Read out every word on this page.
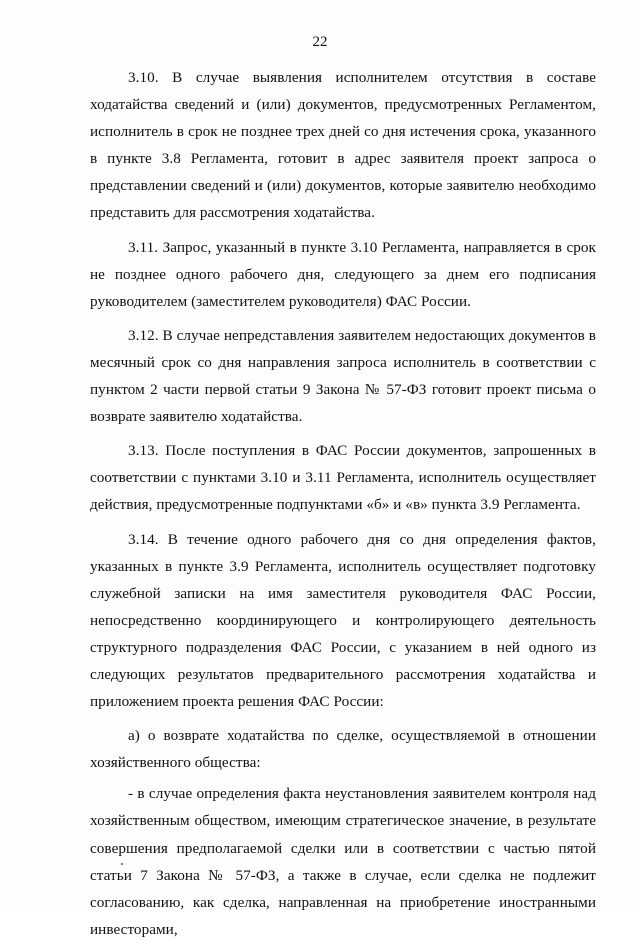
22

3.10. В случае выявления исполнителем отсутствия в составе ходатайства сведений и (или) документов, предусмотренных Регламентом, исполнитель в срок не позднее трех дней со дня истечения срока, указанного в пункте 3.8 Регламента, готовит в адрес заявителя проект запроса о представлении сведений и (или) документов, которые заявителю необходимо представить для рассмотрения ходатайства.

3.11. Запрос, указанный в пункте 3.10 Регламента, направляется в срок не позднее одного рабочего дня, следующего за днем его подписания руководителем (заместителем руководителя) ФАС России.

3.12. В случае непредставления заявителем недостающих документов в месячный срок со дня направления запроса исполнитель в соответствии с пунктом 2 части первой статьи 9 Закона № 57-ФЗ готовит проект письма о возврате заявителю ходатайства.

3.13. После поступления в ФАС России документов, запрошенных в соответствии с пунктами 3.10 и 3.11 Регламента, исполнитель осуществляет действия, предусмотренные подпунктами «б» и «в» пункта 3.9 Регламента.

3.14. В течение одного рабочего дня со дня определения фактов, указанных в пункте 3.9 Регламента, исполнитель осуществляет подготовку служебной записки на имя заместителя руководителя ФАС России, непосредственно координирующего и контролирующего деятельность структурного подразделения ФАС России, с указанием в ней одного из следующих результатов предварительного рассмотрения ходатайства и приложением проекта решения ФАС России:

а) о возврате ходатайства по сделке, осуществляемой в отношении хозяйственного общества:

- в случае определения факта неустановления заявителем контроля над хозяйственным обществом, имеющим стратегическое значение, в результате совершения предполагаемой сделки или в соответствии с частью пятой статьи 7 Закона № 57-ФЗ, а также в случае, если сделка не подлежит согласованию, как сделка, направленная на приобретение иностранными инвесторами,
